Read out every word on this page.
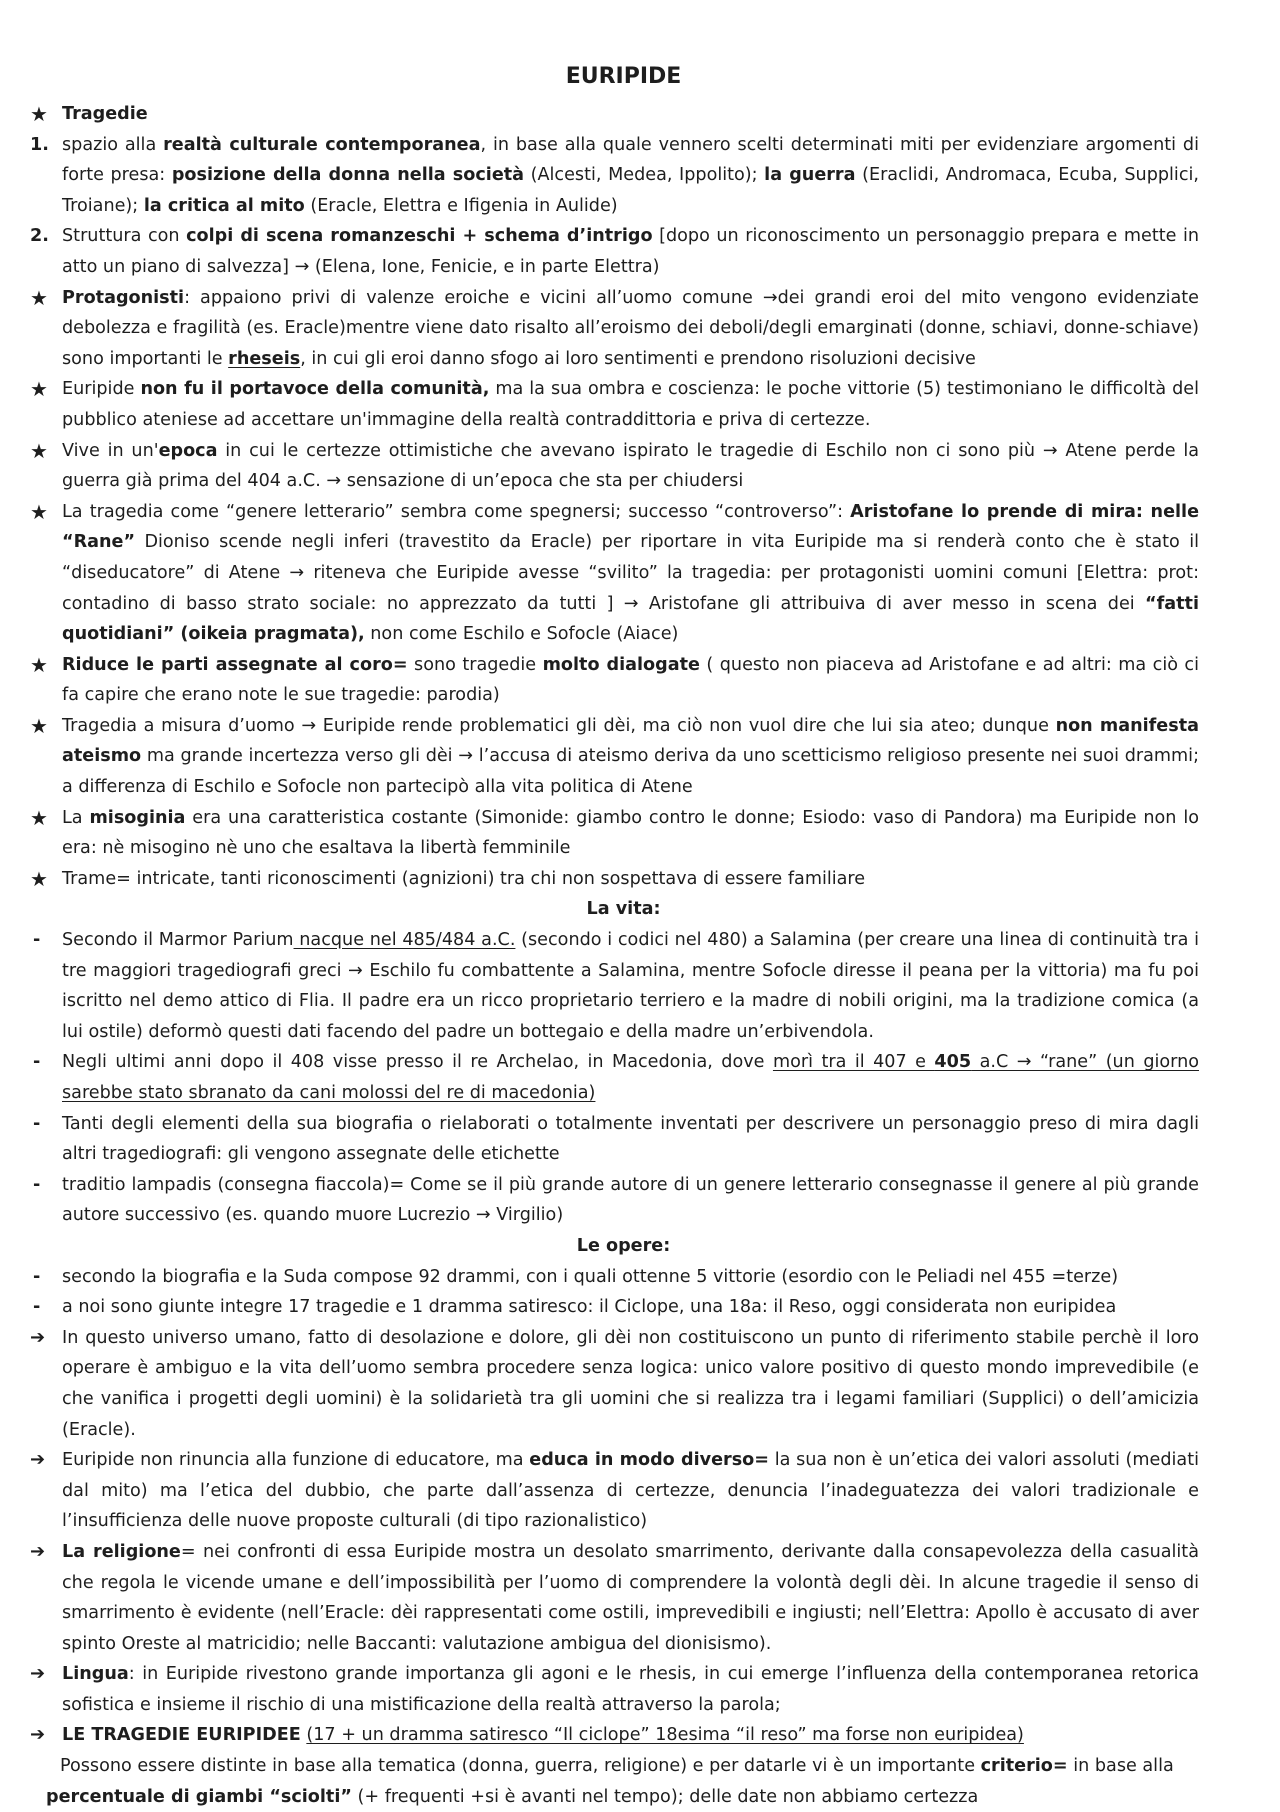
EURIPIDE
★ Tragedie
1. spazio alla realtà culturale contemporanea, in base alla quale vennero scelti determinati miti per evidenziare argomenti di forte presa: posizione della donna nella società (Alcesti, Medea, Ippolito); la guerra (Eraclidi, Andromaca, Ecuba, Supplici, Troiane); la critica al mito (Eracle, Elettra e Ifigenia in Aulide)
2. Struttura con colpi di scena romanzeschi + schema d’intrigo [dopo un riconoscimento un personaggio prepara e mette in atto un piano di salvezza] → (Elena, Ione, Fenicie, e in parte Elettra)
★ Protagonisti: appaiono privi di valenze eroiche e vicini all’uomo comune →dei grandi eroi del mito vengono evidenziate debolezza e fragilità (es. Eracle)mentre viene dato risalto all’eroismo dei deboli/degli emarginati (donne, schiavi, donne-schiave) sono importanti le rheseis, in cui gli eroi danno sfogo ai loro sentimenti e prendono risoluzioni decisive
★ Euripide non fu il portavoce della comunità, ma la sua ombra e coscienza: le poche vittorie (5) testimoniano le difficoltà del pubblico ateniese ad accettare un'immagine della realtà contraddittoria e priva di certezze.
★ Vive in un'epoca in cui le certezze ottimistiche che avevano ispirato le tragedie di Eschilo non ci sono più → Atene perde la guerra già prima del 404 a.C. → sensazione di un’epoca che sta per chiudersi
★ La tragedia come “genere letterario” sembra come spegnersi; successo “controverso”: Aristofane lo prende di mira: nelle “Rane” Dioniso scende negli inferi (travestito da Eracle) per riportare in vita Euripide ma si renderà conto che è stato il “diseducatore” di Atene → riteneva che Euripide avesse “svilito” la tragedia: per protagonisti uomini comuni [Elettra: prot: contadino di basso strato sociale: no apprezzato da tutti ] → Aristofane gli attribuiva di aver messo in scena dei “fatti quotidiani” (oikeia pragmata), non come Eschilo e Sofocle (Aiace)
★ Riduce le parti assegnate al coro= sono tragedie molto dialogate ( questo non piaceva ad Aristofane e ad altri: ma ciò ci fa capire che erano note le sue tragedie: parodia)
★ Tragedia a misura d’uomo → Euripide rende problematici gli dèi, ma ciò non vuol dire che lui sia ateo; dunque non manifesta ateismo ma grande incertezza verso gli dèi → l’accusa di ateismo deriva da uno scetticismo religioso presente nei suoi drammi; a differenza di Eschilo e Sofocle non partecipò alla vita politica di Atene
★ La misoginia era una caratteristica costante (Simonide: giambo contro le donne; Esiodo: vaso di Pandora) ma Euripide non lo era: nè misogino nè uno che esaltava la libertà femminile
★ Trame= intricate, tanti riconoscimenti (agnizioni) tra chi non sospettava di essere familiare
La vita:
-	Secondo il Marmor Parium nacque nel 485/484 a.C. (secondo i codici nel 480) a Salamina (per creare una linea di continuità tra i tre maggiori tragediografi greci → Eschilo fu combattente a Salamina, mentre Sofocle diresse il peana per la vittoria) ma fu poi iscritto nel demo attico di Flia. Il padre era un ricco proprietario terriero e la madre di nobili origini, ma la tradizione comica (a lui ostile) deformò questi dati facendo del padre un bottegaio e della madre un’erbivendola.
-	Negli ultimi anni dopo il 408 visse presso il re Archelao, in Macedonia, dove morì tra il 407 e 405 a.C → “rane” (un giorno sarebbe stato sbranato da cani molossi del re di macedonia)
-	Tanti degli elementi della sua biografia o rielaborati o totalmente inventati per descrivere un personaggio preso di mira dagli altri tragediografi: gli vengono assegnate delle etichette
-	traditio lampadis (consegna fiaccola)= Come se il più grande autore di un genere letterario consegnasse il genere al più grande autore successivo (es. quando muore Lucrezio → Virgilio)
Le opere:
-	secondo la biografia e la Suda compose 92 drammi, con i quali ottenne 5 vittorie (esordio con le Peliadi nel 455 =terze)
-	a noi sono giunte integre 17 tragedie e 1 dramma satiresco: il Ciclope, una 18a: il Reso, oggi considerata non euripidea
➔ In questo universo umano, fatto di desolazione e dolore, gli dèi non costituiscono un punto di riferimento stabile perchè il loro operare è ambiguo e la vita dell’uomo sembra procedere senza logica: unico valore positivo di questo mondo imprevedibile (e che vanifica i progetti degli uomini) è la solidarietà tra gli uomini che si realizza tra i legami familiari (Supplici) o dell’amicizia (Eracle).
➔ Euripide non rinuncia alla funzione di educatore, ma educa in modo diverso= la sua non è un’etica dei valori assoluti (mediati dal mito) ma l’etica del dubbio, che parte dall’assenza di certezze, denuncia l’inadeguatezza dei valori tradizionale e l’insufficienza delle nuove proposte culturali (di tipo razionalistico)
➔ La religione= nei confronti di essa Euripide mostra un desolato smarrimento, derivante dalla consapevolezza della casualità che regola le vicende umane e dell’impossibilità per l’uomo di comprendere la volontà degli dèi. In alcune tragedie il senso di smarrimento è evidente (nell’Eracle: dèi rappresentati come ostili, imprevedibili e ingiusti; nell’Elettra: Apollo è accusato di aver spinto Oreste al matricidio; nelle Baccanti: valutazione ambigua del dionisismo).
➔ Lingua: in Euripide rivestono grande importanza gli agoni e le rhesis, in cui emerge l’influenza della contemporanea retorica sofistica e insieme il rischio di una mistificazione della realtà attraverso la parola;
➔ LE TRAGEDIE EURIPIDEE (17 + un dramma satiresco “Il ciclope” 18esima “il reso” ma forse non euripidea)
Possono essere distinte in base alla tematica (donna, guerra, religione) e per datarle vi è un importante criterio= in base alla
percentuale di giambi “sciolti” (+ frequenti +si è avanti nel tempo); delle date non abbiamo certezza
